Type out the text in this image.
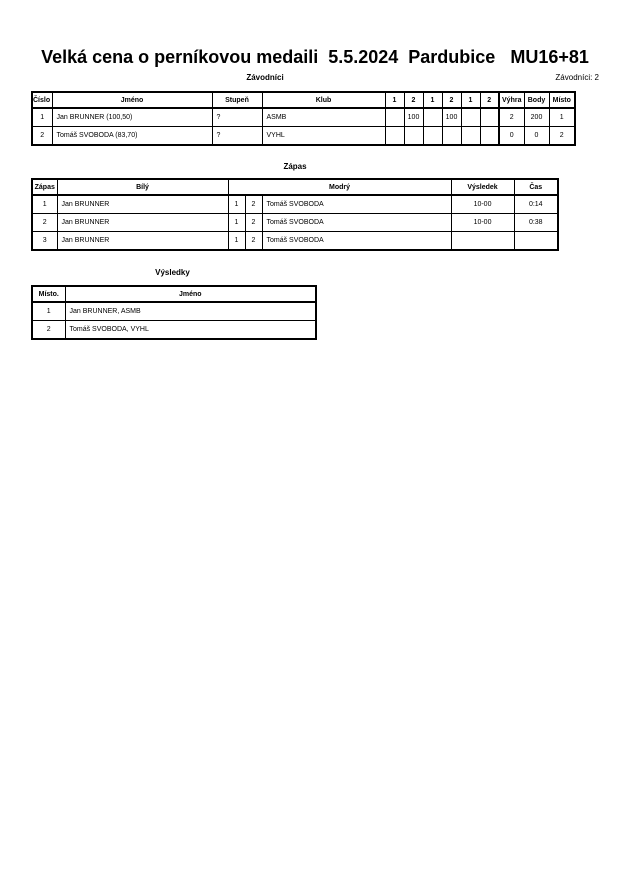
Velká cena o perníkovou medaili  5.5.2024  Pardubice   MU16+81
Závodníci	Závodníci: 2
Číslo	Jméno	Stupeň	Klub	1	2	1	2	1	2	Výhra	Body	Místo
1	Jan BRUNNER (100,50)	?	ASMB		100		100			2	200	1
2	Tomáš SVOBODA (83,70)	?	VYHL							0	0	2
Zápas
Zápas	Bílý	Modrý			Výsledek	Čas
1	Jan BRUNNER	1	2	Tomáš SVOBODA	10-00	0:14
2	Jan BRUNNER	1	2	Tomáš SVOBODA	10-00	0:38
3	Jan BRUNNER	1	2	Tomáš SVOBODA		
Výsledky
Místo.	Jméno
1	Jan BRUNNER, ASMB
2	Tomáš SVOBODA, VYHL
